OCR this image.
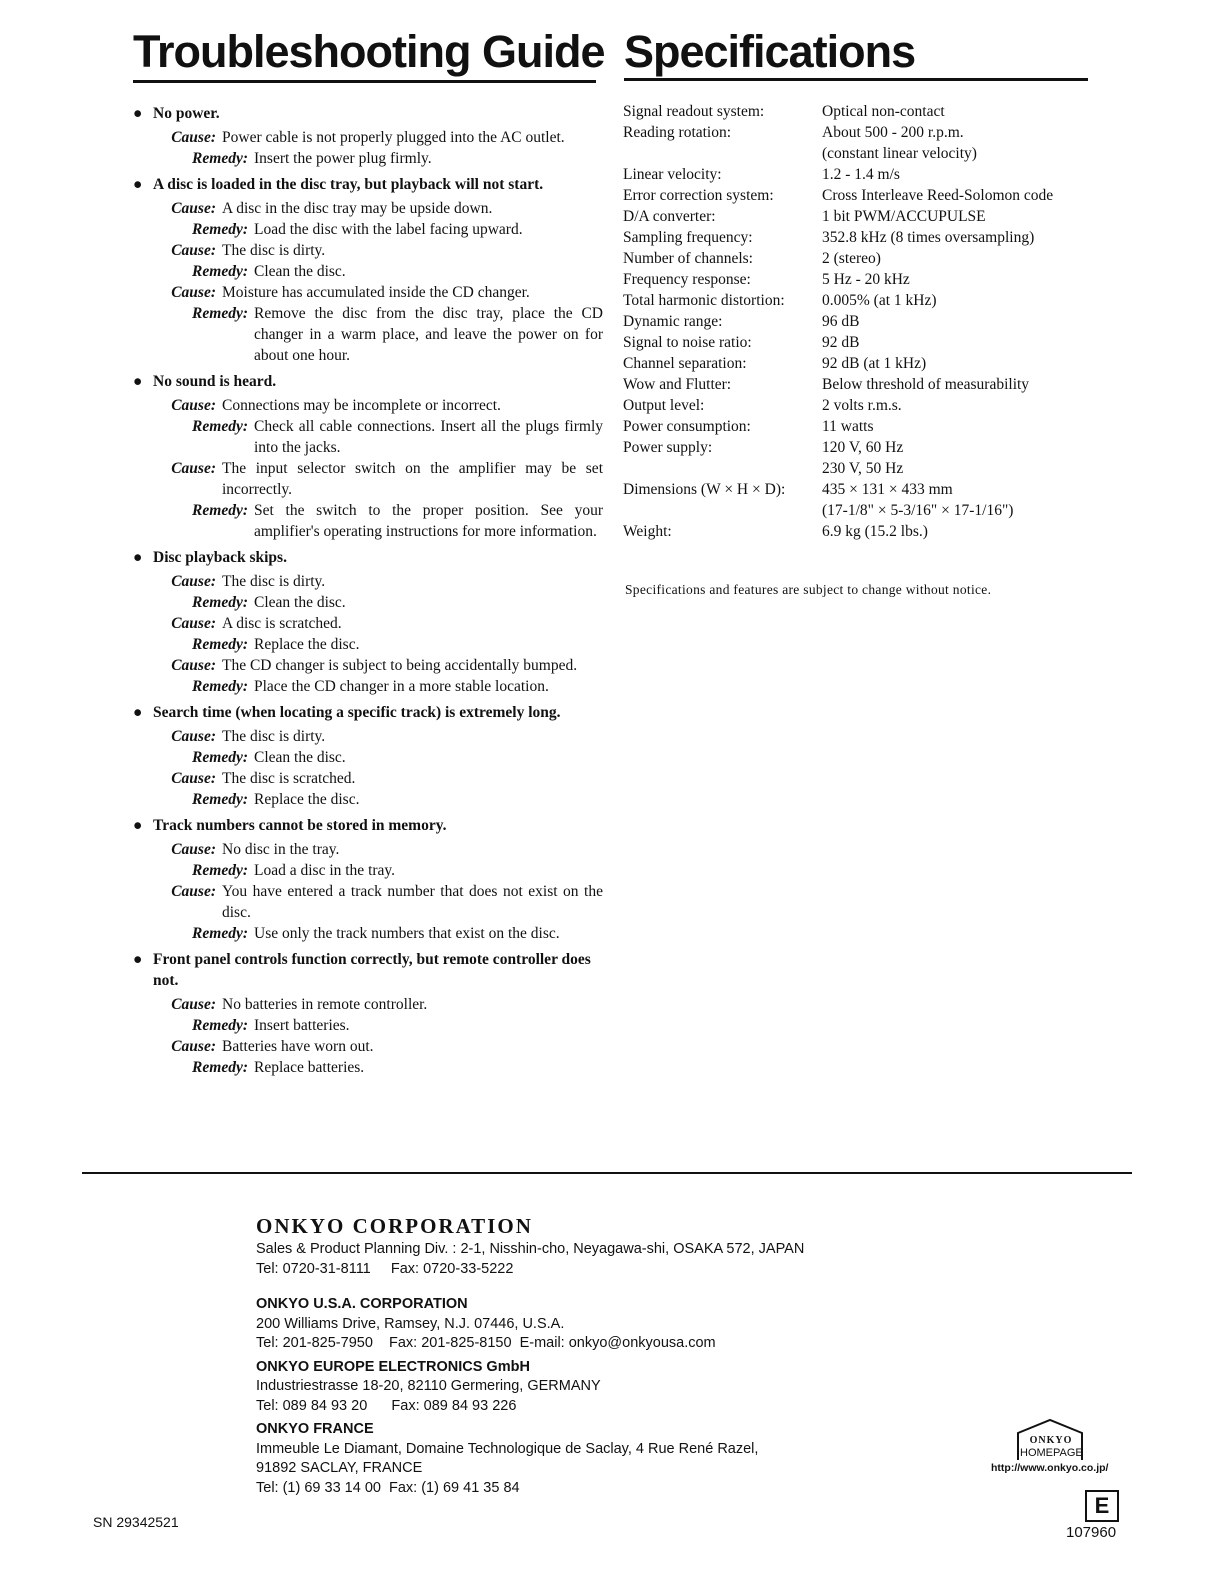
Troubleshooting Guide Specifications
● No power.
Cause: Power cable is not properly plugged into the AC outlet.
Remedy: Insert the power plug firmly.
● A disc is loaded in the disc tray, but playback will not start.
Cause: A disc in the disc tray may be upside down.
Remedy: Load the disc with the label facing upward.
Cause: The disc is dirty.
Remedy: Clean the disc.
Cause: Moisture has accumulated inside the CD changer.
Remedy: Remove the disc from the disc tray, place the CD changer in a warm place, and leave the power on for about one hour.
● No sound is heard.
Cause: Connections may be incomplete or incorrect.
Remedy: Check all cable connections. Insert all the plugs firmly into the jacks.
Cause: The input selector switch on the amplifier may be set incorrectly.
Remedy: Set the switch to the proper position. See your amplifier's operating instructions for more information.
● Disc playback skips.
Cause: The disc is dirty.
Remedy: Clean the disc.
Cause: A disc is scratched.
Remedy: Replace the disc.
Cause: The CD changer is subject to being accidentally bumped.
Remedy: Place the CD changer in a more stable location.
● Search time (when locating a specific track) is extremely long.
Cause: The disc is dirty.
Remedy: Clean the disc.
Cause: The disc is scratched.
Remedy: Replace the disc.
● Track numbers cannot be stored in memory.
Cause: No disc in the tray.
Remedy: Load a disc in the tray.
Cause: You have entered a track number that does not exist on the disc.
Remedy: Use only the track numbers that exist on the disc.
● Front panel controls function correctly, but remote controller does not.
Cause: No batteries in remote controller.
Remedy: Insert batteries.
Cause: Batteries have worn out.
Remedy: Replace batteries.
Signal readout system:	Optical non-contact
Reading rotation:	About 500 - 200 r.p.m.
(constant linear velocity)
Linear velocity:	1.2 - 1.4 m/s
Error correction system:	Cross Interleave Reed-Solomon code
D/A converter:	1 bit PWM/ACCUPULSE
Sampling frequency:	352.8 kHz (8 times oversampling)
Number of channels:	2 (stereo)
Frequency response:	5 Hz - 20 kHz
Total harmonic distortion:	0.005% (at 1 kHz)
Dynamic range:	96 dB
Signal to noise ratio:	92 dB
Channel separation:	92 dB (at 1 kHz)
Wow and Flutter:	Below threshold of measurability
Output level:	2 volts r.m.s.
Power consumption:	11 watts
Power supply:	120 V, 60 Hz
230 V, 50 Hz
Dimensions (W × H × D):	435 × 131 × 433 mm
(17-1/8" × 5-3/16" × 17-1/16")
Weight:	6.9 kg (15.2 lbs.)
Specifications and features are subject to change without notice.
ONKYO CORPORATION
Sales & Product Planning Div. : 2-1, Nisshin-cho, Neyagawa-shi, OSAKA 572, JAPAN
Tel: 0720-31-8111     Fax: 0720-33-5222
ONKYO U.S.A. CORPORATION
200 Williams Drive, Ramsey, N.J. 07446, U.S.A.
Tel: 201-825-7950    Fax: 201-825-8150  E-mail: onkyo@onkyousa.com
ONKYO EUROPE ELECTRONICS GmbH
Industriestrasse 18-20, 82110 Germering, GERMANY
Tel: 089 84 93 20      Fax: 089 84 93 226
ONKYO FRANCE
Immeuble Le Diamant, Domaine Technologique de Saclay, 4 Rue René Razel,
91892 SACLAY, FRANCE
Tel: (1) 69 33 14 00  Fax: (1) 69 41 35 84
SN 29342521
ONKYO
HOMEPAGE
http://www.onkyo.co.jp/
E
107960
